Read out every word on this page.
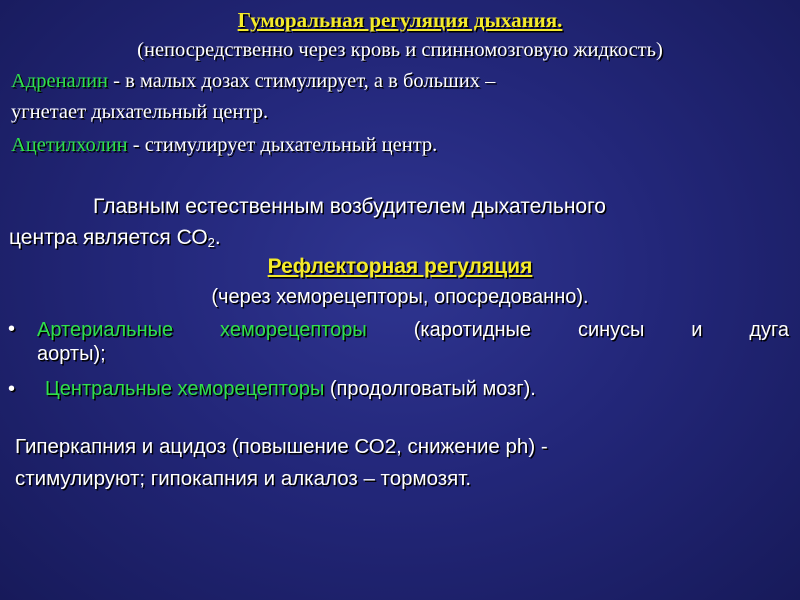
Гуморальная регуляция дыхания.
(непосредственно через кровь и спинномозговую жидкость)
Адреналин - в малых дозах стимулирует, а в больших –
угнетает дыхательный центр.
Ацетилхолин - стимулирует дыхательный центр.
Главным естественным возбудителем дыхательного
центра является $СО_2$.
Рефлекторная регуляция
(через хеморецепторы, опосредованно).
• Артериальные хеморецепторы (каротидные синусы и дуга
аорты);
• Центральные хеморецепторы (продолговатый мозг).
Гиперкапния и ацидоз (повышение СО2, снижение ph) -
стимулируют; гипокапния и алкалоз – тормозят.
